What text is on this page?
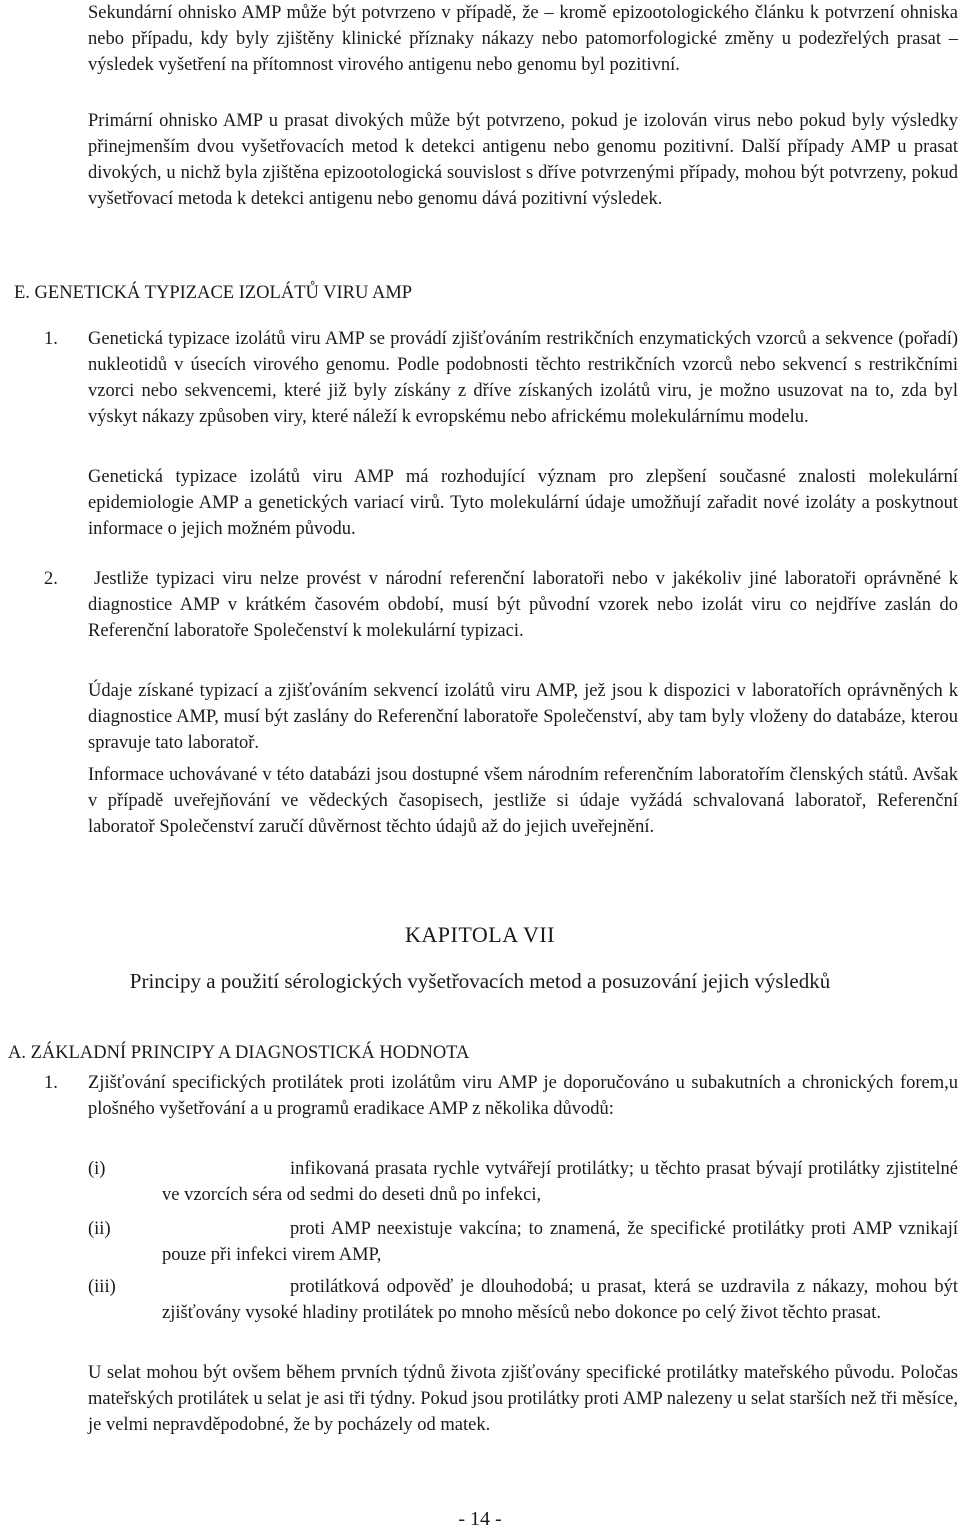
Sekundární ohnisko AMP může být potvrzeno v případě, že – kromě epizootologického článku k potvrzení ohniska nebo případu, kdy byly zjištěny klinické příznaky nákazy nebo patomorfologické změny u podezřelých prasat – výsledek vyšetření na přítomnost virového antigenu nebo genomu byl pozitivní.

Primární ohnisko AMP u prasat divokých může být potvrzeno, pokud je izolován virus nebo pokud byly výsledky přinejmenším dvou vyšetřovacích metod k detekci antigenu nebo genomu pozitivní. Další případy AMP u prasat divokých, u nichž byla zjištěna epizootologická souvislost s dříve potvrzenými případy, mohou být potvrzeny, pokud vyšetřovací metoda k detekci antigenu nebo genomu dává pozitivní výsledek.

E. GENETICKÁ TYPIZACE IZOLÁTŮ VIRU AMP

1. Genetická typizace izolátů viru AMP se provádí zjišťováním restrikčních enzymatických vzorců a sekvence (pořadí) nukleotidů v úsecích virového genomu. Podle podobnosti těchto restrikčních vzorců nebo sekvencí s restrikčními vzorci nebo sekvencemi, které již byly získány z dříve získaných izolátů viru, je možno usuzovat na to, zda byl výskyt nákazy způsoben viry, které náleží k evropskému nebo africkému molekulárnímu modelu.

Genetická typizace izolátů viru AMP má rozhodující význam pro zlepšení současné znalosti molekulární epidemiologie AMP a genetických variací virů. Tyto molekulární údaje umožňují zařadit nové izoláty a poskytnout informace o jejich možném původu.

2.	Jestliže typizaci viru nelze provést v národní referenční laboratoři nebo v jakékoliv jiné laboratoři oprávněné k diagnostice AMP v krátkém časovém období, musí být původní vzorek nebo izolát viru co nejdříve zaslán do Referenční laboratoře Společenství k molekulární typizaci.

Údaje získané typizací a zjišťováním sekvencí izolátů viru AMP, jež jsou k dispozici v laboratořích oprávněných k diagnostice AMP, musí být zaslány do Referenční laboratoře Společenství, aby tam byly vloženy do databáze, kterou spravuje tato laboratoř.

Informace uchovávané v této databázi jsou dostupné všem národním referenčním laboratořím členských států. Avšak v případě uveřejňování ve vědeckých časopisech, jestliže si údaje vyžádá schvalovaná laboratoř, Referenční laboratoř Společenství zaručí důvěrnost těchto údajů až do jejich uveřejnění.

KAPITOLA VII

Principy a použití sérologických vyšetřovacích metod a posuzování jejich výsledků

A. ZÁKLADNÍ PRINCIPY A DIAGNOSTICKÁ HODNOTA

1. Zjišťování specifických protilátek proti izolátům viru AMP je doporučováno u subakutních a chronických forem,u plošného vyšetřování a u programů eradikace AMP z několika důvodů:

(i)	infikovaná prasata rychle vytvářejí protilátky; u těchto prasat bývají protilátky zjistitelné ve vzorcích séra od sedmi do deseti dnů po infekci,

(ii)	proti AMP neexistuje vakcína; to znamená, že specifické protilátky proti AMP vznikají pouze při infekci virem AMP,

(iii)	protilátková odpověď je dlouhodobá; u prasat, která se uzdravila z nákazy, mohou být zjišťovány vysoké hladiny protilátek po mnoho měsíců nebo dokonce po celý život těchto prasat.

U selat mohou být ovšem během prvních týdnů života zjišťovány specifické protilátky mateřského původu. Poločas mateřských protilátek u selat je asi tři týdny. Pokud jsou protilátky proti AMP nalezeny u selat starších než tři měsíce, je velmi nepravděpodobné, že by pocházely od matek.

- 14 -
